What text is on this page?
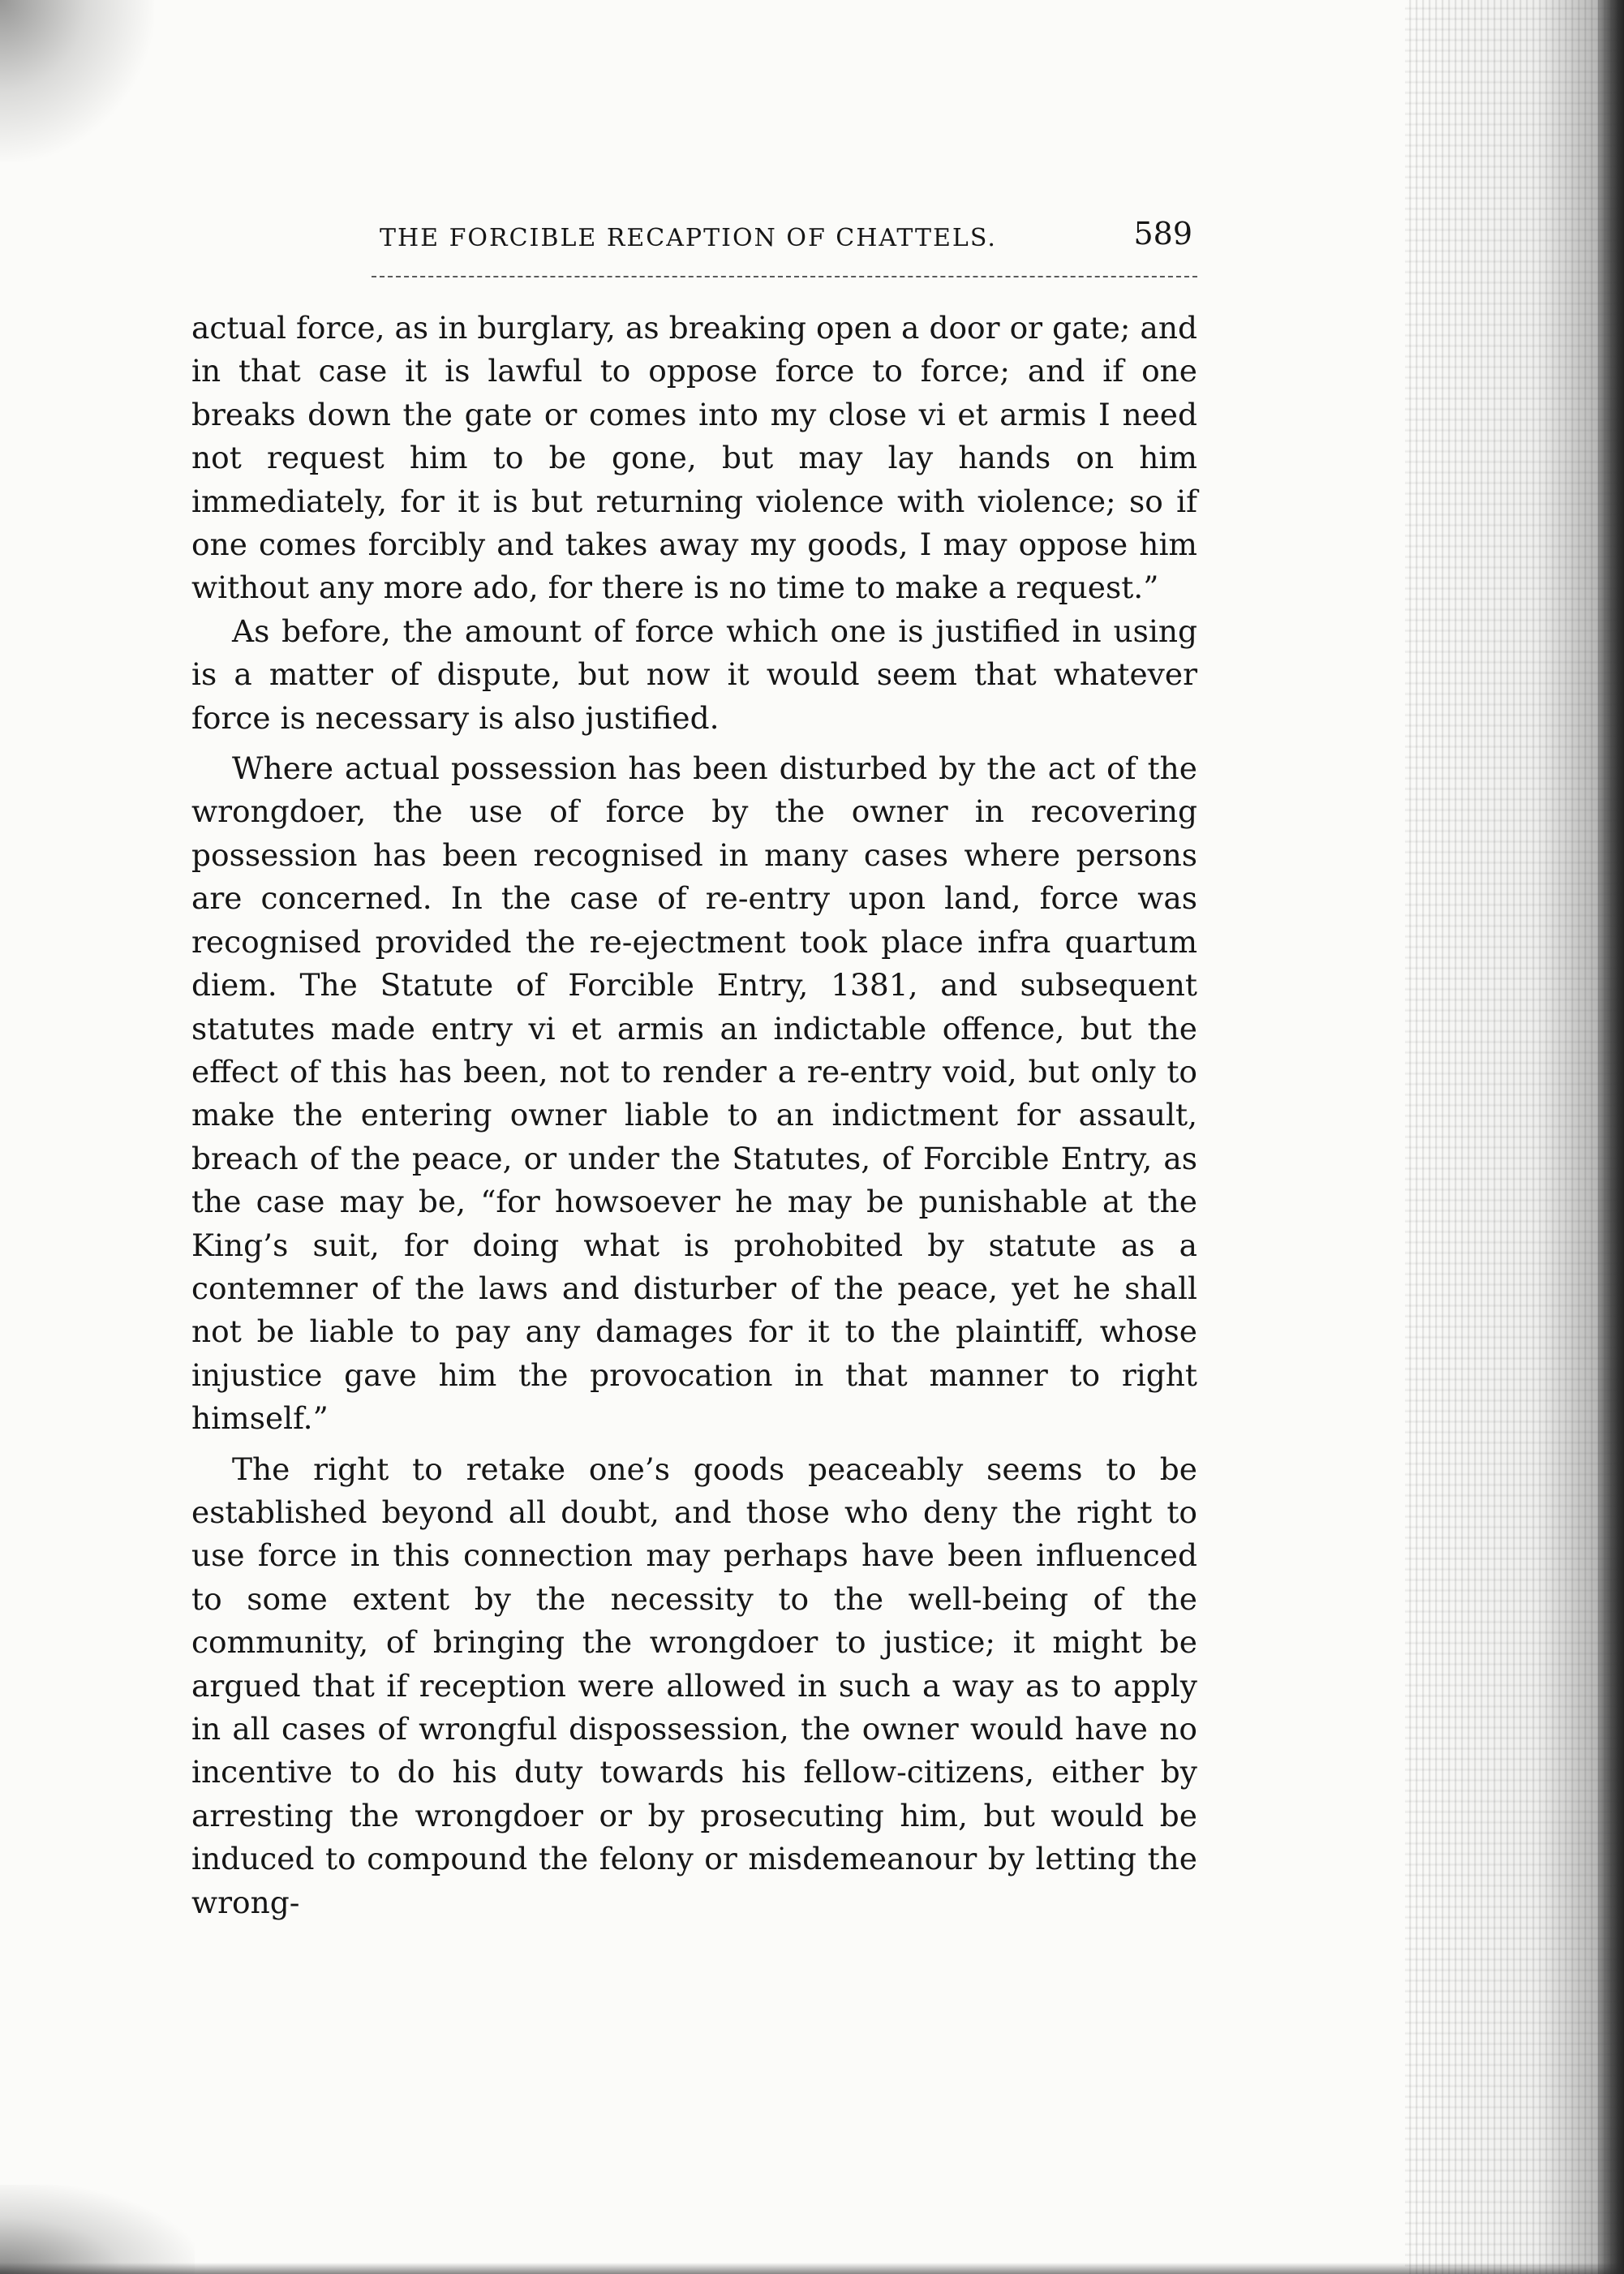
THE FORCIBLE RECAPTION OF CHATTELS.	589

actual force, as in burglary, as breaking open a door or gate; and in that case it is lawful to oppose force to force; and if one breaks down the gate or comes into my close vi et armis I need not request him to be gone, but may lay hands on him immediately, for it is but returning violence with violence; so if one comes forcibly and takes away my goods, I may oppose him without any more ado, for there is no time to make a request.”

As before, the amount of force which one is justified in using is a matter of dispute, but now it would seem that whatever force is necessary is also justified.

Where actual possession has been disturbed by the act of the wrongdoer, the use of force by the owner in recovering possession has been recognised in many cases where persons are concerned. In the case of re-entry upon land, force was recognised provided the re-ejectment took place infra quartum diem. The Statute of Forcible Entry, 1381, and subsequent statutes made entry vi et armis an indictable offence, but the effect of this has been, not to render a re-entry void, but only to make the entering owner liable to an indictment for assault, breach of the peace, or under the Statutes, of Forcible Entry, as the case may be, “for howsoever he may be punishable at the King’s suit, for doing what is prohobited by statute as a contemner of the laws and disturber of the peace, yet he shall not be liable to pay any damages for it to the plaintiff, whose injustice gave him the provocation in that manner to right himself.”

The right to retake one’s goods peaceably seems to be established beyond all doubt, and those who deny the right to use force in this connection may perhaps have been influenced to some extent by the necessity to the well-being of the community, of bringing the wrongdoer to justice; it might be argued that if reception were allowed in such a way as to apply in all cases of wrongful dispossession, the owner would have no incentive to do his duty towards his fellow-citizens, either by arresting the wrongdoer or by prosecuting him, but would be induced to compound the felony or misdemeanour by letting the wrong-
